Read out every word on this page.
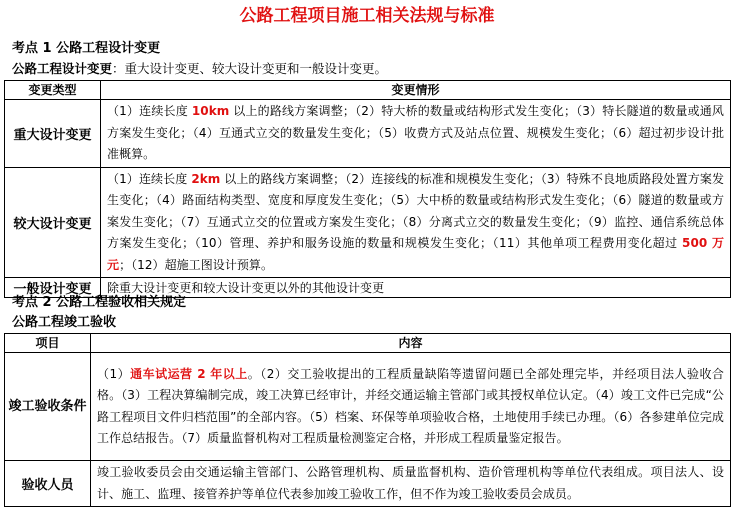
公路工程项目施工相关法规与标准
考点 1 公路工程设计变更
公路工程设计变更：重大设计变更、较大设计变更和一般设计变更。
变更类型	变更情形
重大设计变更	（1）连续长度 10km 以上的路线方案调整；（2）特大桥的数量或结构形式发生变化；（3）特长隧道的数量或通风方案发生变化；（4）互通式立交的数量发生变化；（5）收费方式及站点位置、规模发生变化；（6）超过初步设计批准概算。
较大设计变更	（1）连续长度 2km 以上的路线方案调整；（2）连接线的标准和规模发生变化；（3）特殊不良地质路段处置方案发生变化；（4）路面结构类型、宽度和厚度发生变化；（5）大中桥的数量或结构形式发生变化；（6）隧道的数量或方案发生变化；（7）互通式立交的位置或方案发生变化；（8）分离式立交的数量发生变化；（9）监控、通信系统总体方案发生变化；（10）管理、养护和服务设施的数量和规模发生变化；（11）其他单项工程费用变化超过 500 万元；（12）超施工图设计预算。
一般设计变更	除重大设计变更和较大设计变更以外的其他设计变更
考点 2 公路工程验收相关规定
公路工程竣工验收
项目	内容
竣工验收条件	（1）通车试运营 2 年以上。（2）交工验收提出的工程质量缺陷等遗留问题已全部处理完毕，并经项目法人验收合格。（3）工程决算编制完成，竣工决算已经审计，并经交通运输主管部门或其授权单位认定。（4）竣工文件已完成“公路工程项目文件归档范围”的全部内容。（5）档案、环保等单项验收合格，土地使用手续已办理。（6）各参建单位完成工作总结报告。（7）质量监督机构对工程质量检测鉴定合格，并形成工程质量鉴定报告。
验收人员	竣工验收委员会由交通运输主管部门、公路管理机构、质量监督机构、造价管理机构等单位代表组成。项目法人、设计、施工、监理、接管养护等单位代表参加竣工验收工作，但不作为竣工验收委员会成员。
